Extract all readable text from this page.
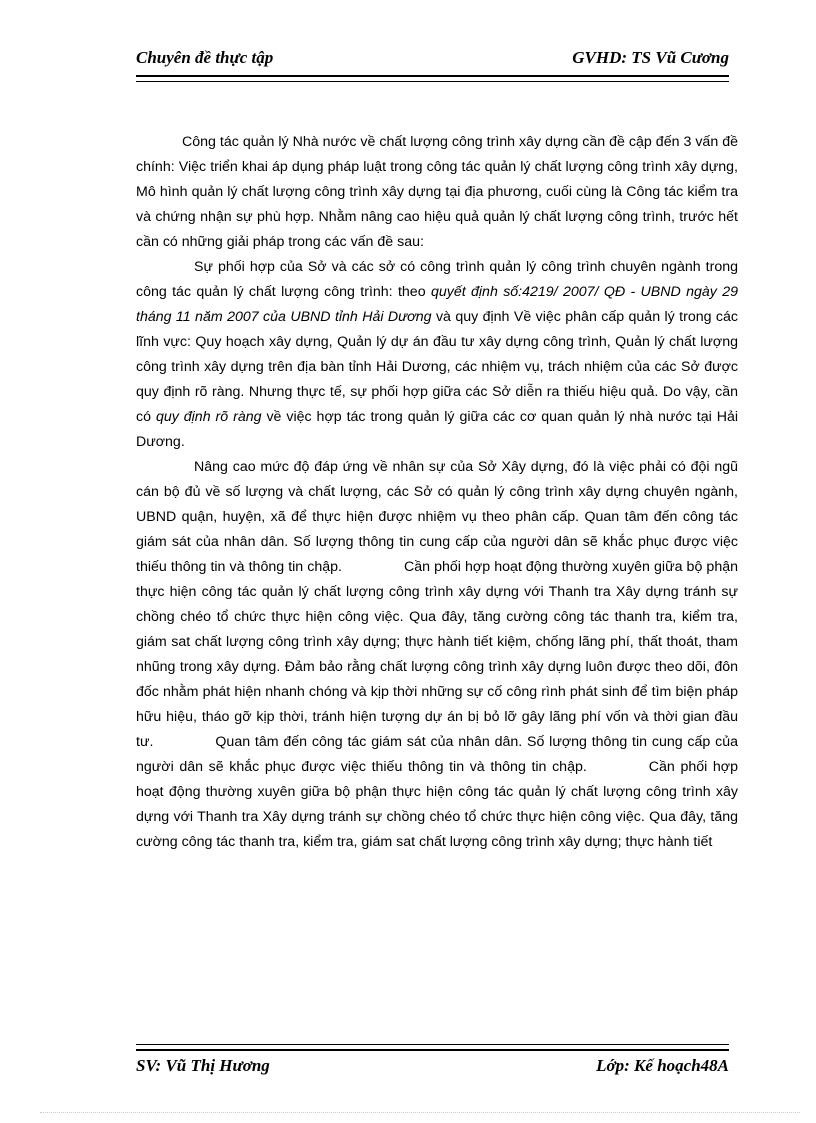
Chuyên đề thực tập	GVHD: TS Vũ Cương

Công tác quản lý Nhà nước về chất lượng công trình xây dựng cần đề cập đến 3 vấn đề chính: Việc triển khai áp dụng pháp luật trong công tác quản lý chất lượng công trình xây dựng, Mô hình quản lý chất lượng công trình xây dựng tại địa phương, cuối cùng là Công tác kiểm tra và chứng nhận sự phù hợp. Nhằm nâng cao hiệu quả quản lý chất lượng công trình, trước hết cần có những giải pháp trong các vấn đề sau:

Sự phối hợp của Sở và các sở có công trình quản lý công trình chuyên ngành trong công tác quản lý chất lượng công trình: theo quyết định số:4219/ 2007/ QĐ - UBND ngày 29 tháng 11 năm 2007 của UBND tỉnh Hải Dương và quy định Về việc phân cấp quản lý trong các lĩnh vực: Quy hoạch xây dựng, Quản lý dự án đầu tư xây dựng công trình, Quản lý chất lượng công trình xây dựng trên địa bàn tỉnh Hải Dương, các nhiệm vụ, trách nhiệm của các Sở được quy định rõ ràng. Nhưng thực tế, sự phối hợp giữa các Sở diễn ra thiếu hiệu quả. Do vậy, cần có quy định rõ ràng về việc hợp tác trong quản lý giữa các cơ quan quản lý nhà nước tại Hải Dương.

Nâng cao mức độ đáp ứng về nhân sự của Sở Xây dựng, đó là việc phải có đội ngũ cán bộ đủ về số lượng và chất lượng, các Sở có quản lý công trình xây dựng chuyên ngành, UBND quận, huyện, xã để thực hiện được nhiệm vụ theo phân cấp. Quan tâm đến công tác giám sát của nhân dân. Số lượng thông tin cung cấp của người dân sẽ khắc phục được việc thiếu thông tin và thông tin chập.	Cần phối hợp hoạt động thường xuyên giữa bộ phận thực hiện công tác quản lý chất lượng công trình xây dựng với Thanh tra Xây dựng tránh sự chồng chéo tổ chức thực hiện công việc. Qua đây, tăng cường công tác thanh tra, kiểm tra, giám sat chất lượng công trình xây dựng; thực hành tiết kiệm, chống lãng phí, thất thoát, tham nhũng trong xây dựng. Đảm bảo rằng chất lượng công trình xây dựng luôn được theo dõi, đôn đốc nhằm phát hiện nhanh chóng và kịp thời những sự cố công rình phát sinh để tìm biện pháp hữu hiệu, tháo gỡ kịp thời, tránh hiện tượng dự án bị bỏ lỡ gây lãng phí vốn và thời gian đầu tư.	Quan tâm đến công tác giám sát của nhân dân. Số lượng thông tin cung cấp của người dân sẽ khắc phục được việc thiếu thông tin và thông tin chập.	Cần phối hợp hoạt động thường xuyên giữa bộ phận thực hiện công tác quản lý chất lượng công trình xây dựng với Thanh tra Xây dựng tránh sự chồng chéo tổ chức thực hiện công việc. Qua đây, tăng cường công tác thanh tra, kiểm tra, giám sat chất lượng công trình xây dựng; thực hành tiết

SV: Vũ Thị Hương	Lớp: Kế hoạch48A
